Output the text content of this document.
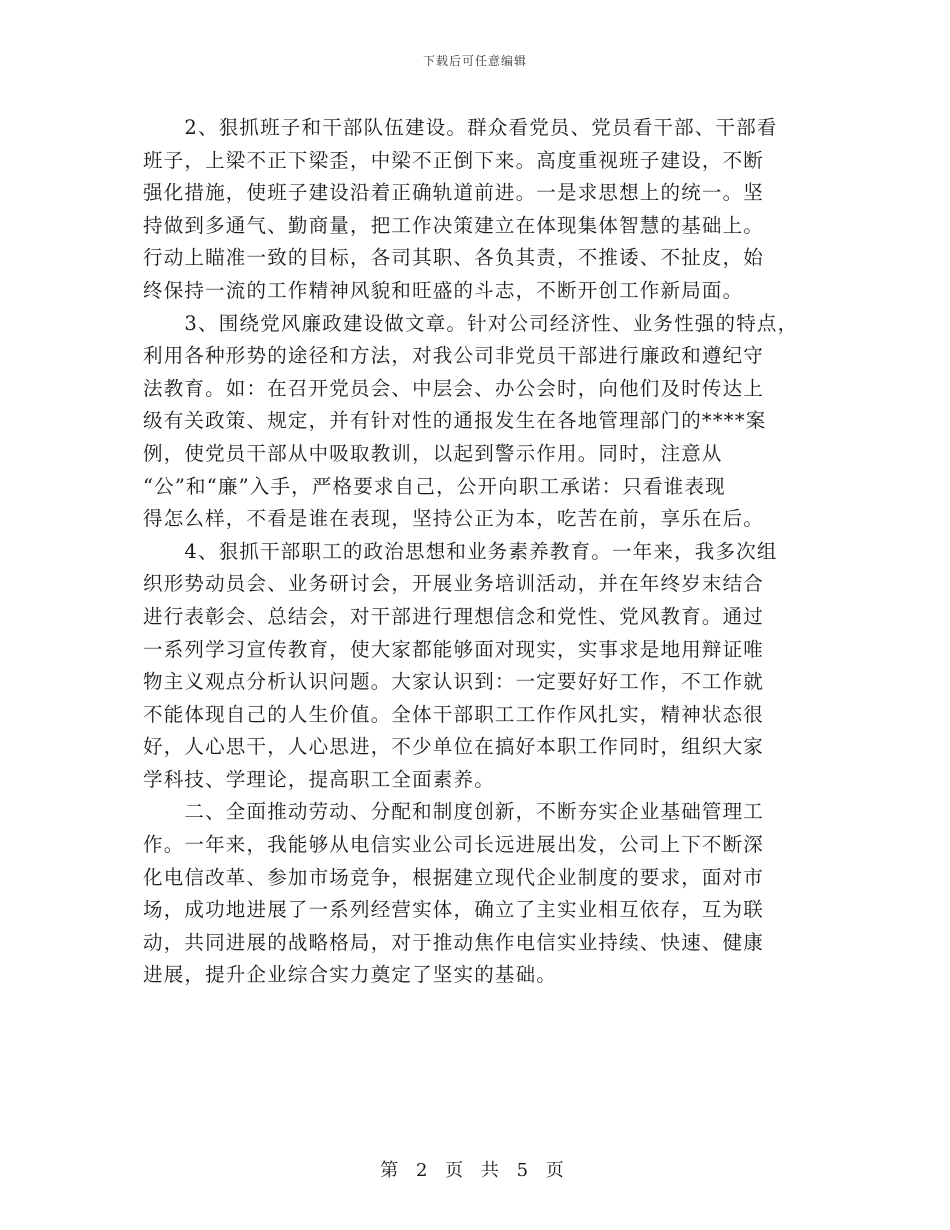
下载后可任意编辑
　　2、狠抓班子和干部队伍建设。群众看党员、党员看干部、干部看
班子，上梁不正下梁歪，中梁不正倒下来。高度重视班子建设，不断
强化措施，使班子建设沿着正确轨道前进。一是求思想上的统一。坚
持做到多通气、勤商量，把工作决策建立在体现集体智慧的基础上。
行动上瞄准一致的目标，各司其职、各负其责，不推诿、不扯皮，始
终保持一流的工作精神风貌和旺盛的斗志，不断开创工作新局面。
　　3、围绕党风廉政建设做文章。针对公司经济性、业务性强的特点，
利用各种形势的途径和方法，对我公司非党员干部进行廉政和遵纪守
法教育。如：在召开党员会、中层会、办公会时，向他们及时传达上
级有关政策、规定，并有针对性的通报发生在各地管理部门的****案
例，使党员干部从中吸取教训，以起到警示作用。同时，注意从
“公”和“廉”入手，严格要求自己，公开向职工承诺：只看谁表现
得怎么样，不看是谁在表现，坚持公正为本，吃苦在前，享乐在后。
　　4、狠抓干部职工的政治思想和业务素养教育。一年来，我多次组
织形势动员会、业务研讨会，开展业务培训活动，并在年终岁末结合
进行表彰会、总结会，对干部进行理想信念和党性、党风教育。通过
一系列学习宣传教育，使大家都能够面对现实，实事求是地用辩证唯
物主义观点分析认识问题。大家认识到：一定要好好工作，不工作就
不能体现自己的人生价值。全体干部职工工作作风扎实，精神状态很
好，人心思干，人心思进，不少单位在搞好本职工作同时，组织大家
学科技、学理论，提高职工全面素养。
　　二、全面推动劳动、分配和制度创新，不断夯实企业基础管理工
作。一年来，我能够从电信实业公司长远进展出发，公司上下不断深
化电信改革、参加市场竞争，根据建立现代企业制度的要求，面对市
场，成功地进展了一系列经营实体，确立了主实业相互依存，互为联
动，共同进展的战略格局，对于推动焦作电信实业持续、快速、健康
进展，提升企业综合实力奠定了坚实的基础。
第 2 页 共 5 页
